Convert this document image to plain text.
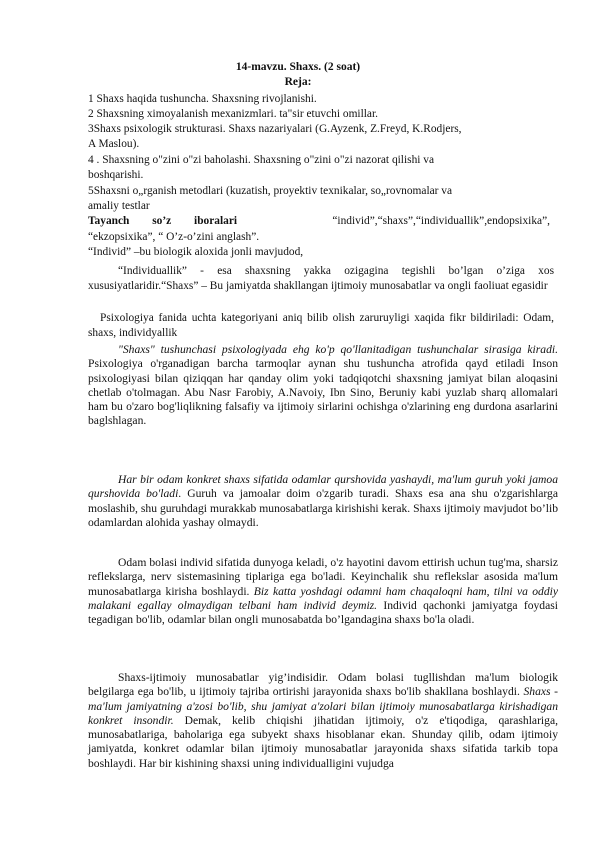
14-mavzu. Shaxs. (2 soat)
Reja:
1 Shaxs haqida tushuncha. Shaxsning rivojlanishi.
2 Shaxsning ximoyalanish mexanizmlari. ta"sir etuvchi omillar.
3Shaxs psixologik strukturasi. Shaxs nazariyalari (G.Ayzenk, Z.Freyd, K.Rodjers,
A Maslou).
4 . Shaxsning o"zini o"zi baholashi. Shaxsning o"zini o"zi nazorat qilishi va
boshqarishi.
5Shaxsni o„rganish metodlari (kuzatish, proyektiv texnikalar, so„rovnomalar va
amaliy testlar
Tayanch so’z iboralari	“individ”,“shaxs”,“individuallik”,endopsixika”,
“ekzopsixika”, “ O’z-o’zini anglash”.
“Individ” –bu biologik aloxida jonli mavjudod,
“Individuallik” - esa shaxsning yakka ozigagina tegishli bo’lgan o’ziga xos xususiyatlaridir.“Shaxs” – Bu jamiyatda shakllangan ijtimoiy munosabatlar va ongli faoliuat egasidir
Psixologiya fanida uchta kategoriyani aniq bilib olish zaruruyligi xaqida fikr bildiriladi: Odam, shaxs, individyallik
"Shaxs" tushunchasi psixologiyada ehg ko'p qo'llanitadigan tushunchalar sirasiga kiradi. Psixologiya o'rganadigan barcha tarmoqlar aynan shu tushuncha atrofida qayd etiladi Inson psixologiyasi bilan qiziqqan har qanday olim yoki tadqiqotchi shaxsning jamiyat bilan aloqasini chetlab o'tolmagan. Abu Nasr Farobiy, A.Navoiy, Ibn Sino, Beruniy kabi yuzlab sharq allomalari ham bu o'zaro bog'liqlikning falsafiy va ijtimoiy sirlarini ochishga o'zlarining eng durdona asarlarini baglshlagan.
Har bir odam konkret shaxs sifatida odamlar qurshovida yashaydi, ma'lum guruh yoki jamoa qurshovida bo'ladi. Guruh va jamoalar doim o'zgarib turadi. Shaxs esa ana shu o'zgarishlarga moslashib, shu guruhdagi murakkab munosabatlarga kirishishi kerak. Shaxs ijtimoiy mavjudot bo’lib odamlardan alohida yashay olmaydi.
Odam bolasi individ sifatida dunyoga keladi, o'z hayotini davom ettirish uchun tug'ma, sharsiz reflekslarga, nerv sistemasining tiplariga ega bo'ladi. Keyinchalik shu reflekslar asosida ma'lum munosabatlarga kirisha boshlaydi. Biz katta yoshdagi odamni ham chaqaloqni ham, tilni va oddiy malakani egallay olmaydigan telbani ham individ deymiz. Individ qachonki jamiyatga foydasi tegadigan bo'lib, odamlar bilan ongli munosabatda bo’lgandagina shaxs bo'la oladi.
Shaxs-ijtimoiy munosabatlar yig’indisidir. Odam bolasi tugllishdan ma'lum biologik belgilarga ega bo'lib, u ijtimoiy tajriba ortirishi jarayonida shaxs bo'lib shakllana boshlaydi. Shaxs - ma'lum jamiyatning a'zosi bo'lib, shu jamiyat a'zolari bilan ijtimoiy munosabatlarga kirishadigan konkret insondir. Demak, kelib chiqishi jihatidan ijtimoiy, o'z e'tiqodiga, qarashlariga, munosabatlariga, baholariga ega subyekt shaxs hisoblanar ekan. Shunday qilib, odam ijtimoiy jamiyatda, konkret odamlar bilan ijtimoiy munosabatlar jarayonida shaxs sifatida tarkib topa boshlaydi. Har bir kishining shaxsi uning individualligini vujudga
